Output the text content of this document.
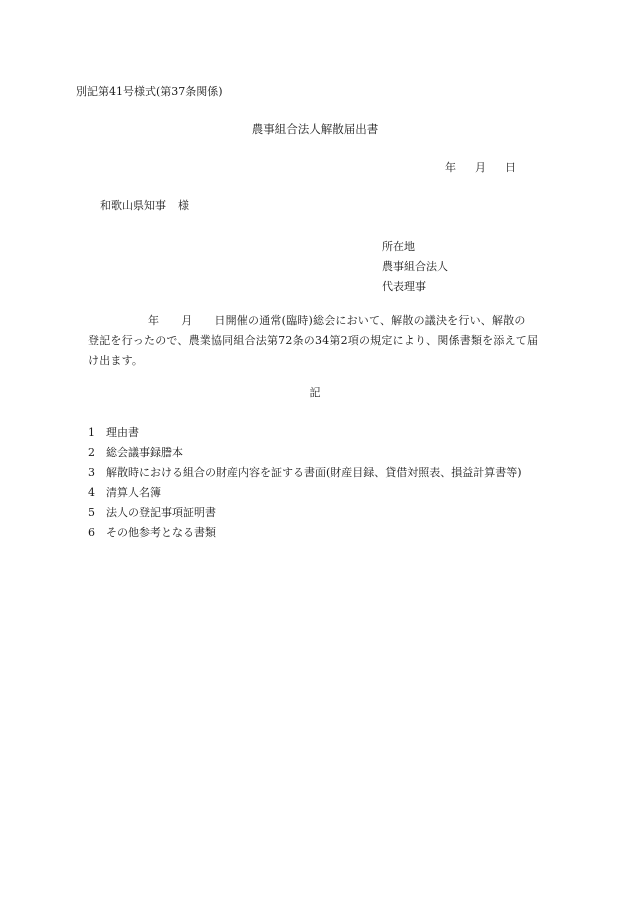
別記第41号様式(第37条関係)
農事組合法人解散届出書
年 月 日
和歌山県知事 様
所在地
農事組合法人
代表理事
年 月 日開催の通常(臨時)総会において、解散の議決を行い、解散の
登記を行ったので、農業協同組合法第72条の34第2項の規定により、関係書類を添えて届
け出ます。
記
1 理由書
2 総会議事録謄本
3 解散時における組合の財産内容を証する書面(財産目録、貸借対照表、損益計算書等)
4 清算人名簿
5 法人の登記事項証明書
6 その他参考となる書類
